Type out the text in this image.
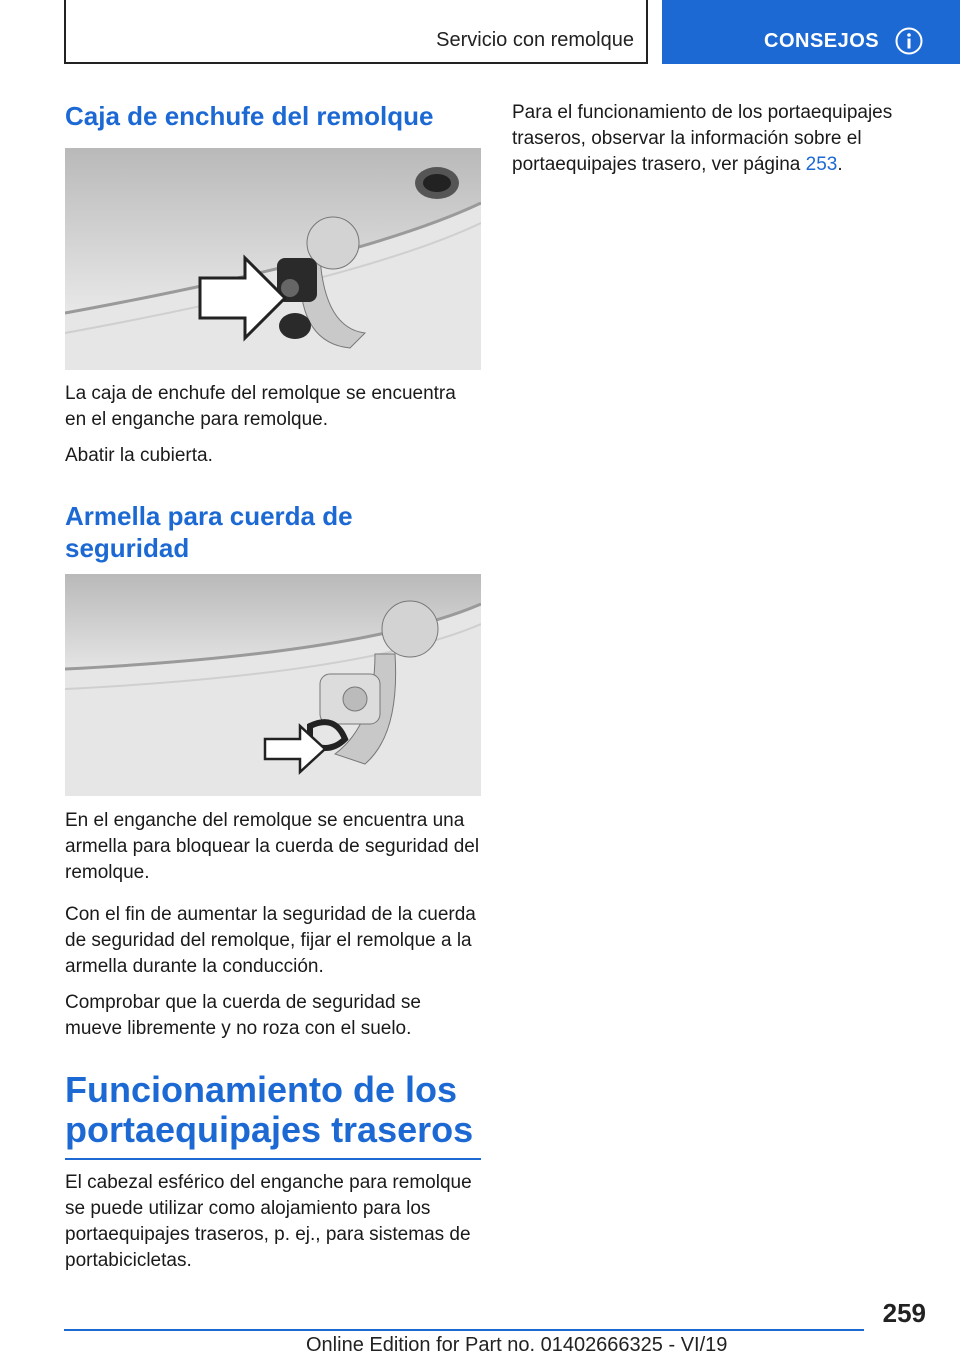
Servicio con remolque	CONSEJOS
Caja de enchufe del remolque

La caja de enchufe del remolque se encuentra en el enganche para remolque.

Abatir la cubierta.

Armella para cuerda de
seguridad

En el enganche del remolque se encuentra una armella para bloquear la cuerda de seguridad del remolque.

Con el fin de aumentar la seguridad de la cuerda de seguridad del remolque, fijar el remolque a la armella durante la conducción.

Comprobar que la cuerda de seguridad se mueve libremente y no roza con el suelo.

Funcionamiento de los
portaequipajes traseros

El cabezal esférico del enganche para remolque se puede utilizar como alojamiento para los portaequipajes traseros, p. ej., para sistemas de portabicicletas.

Para el funcionamiento de los portaequipajes traseros, observar la información sobre el portaequipajes trasero, ver página 253.

259
Online Edition for Part no. 01402666325 - VI/19
